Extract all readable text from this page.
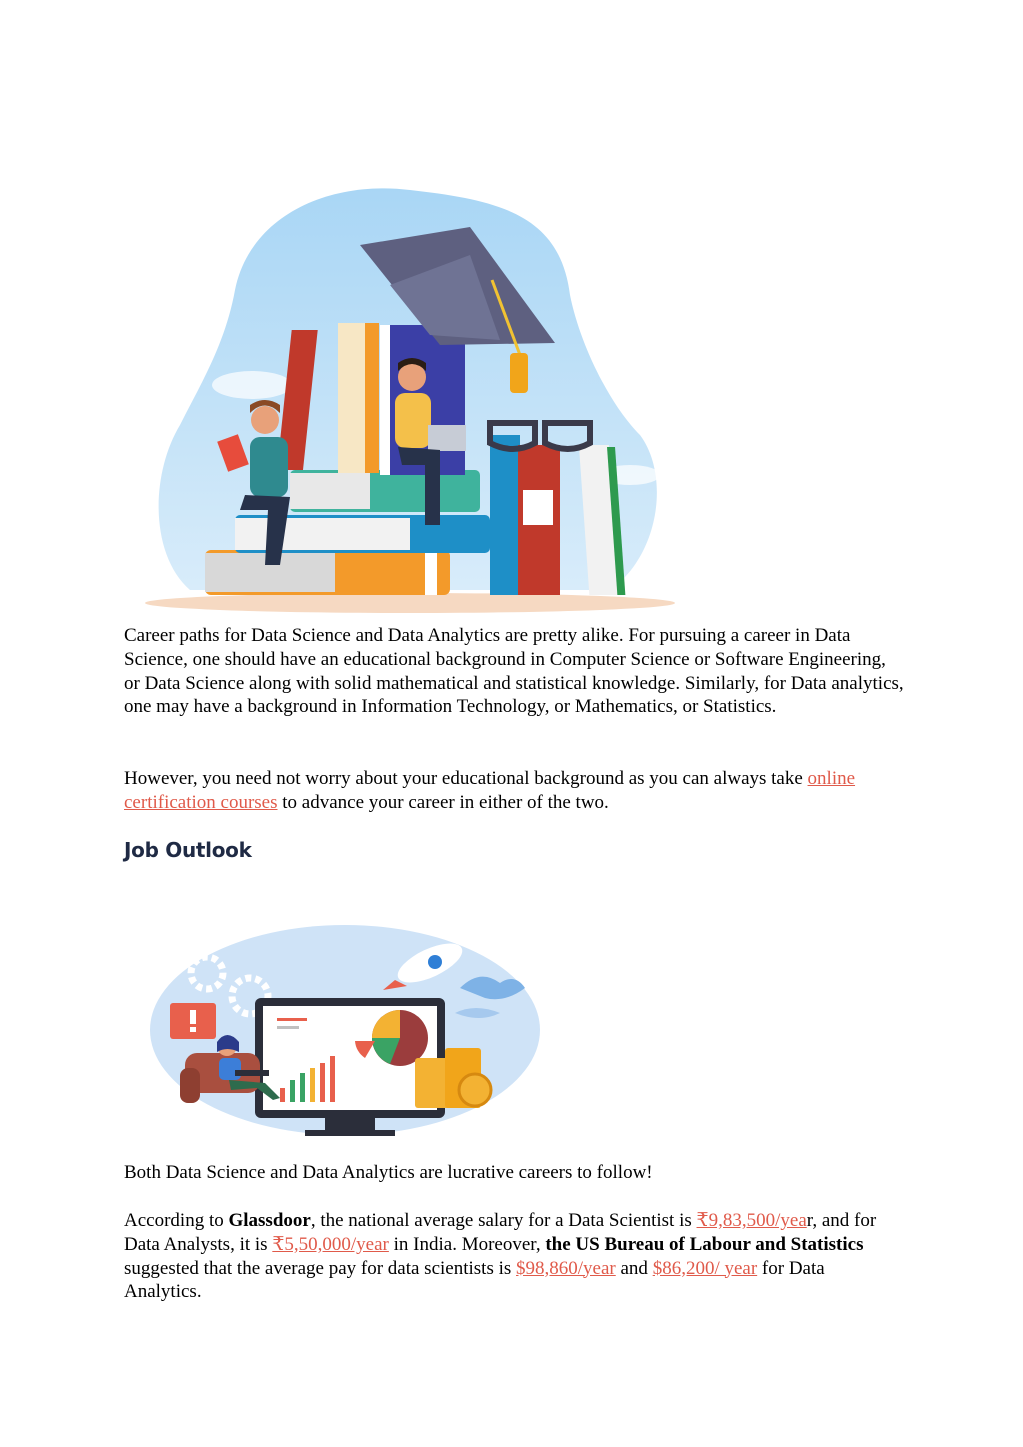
Career paths for Data Science and Data Analytics are pretty alike. For pursuing a career in Data Science, one should have an educational background in Computer Science or Software Engineering, or Data Science along with solid mathematical and statistical knowledge. Similarly, for Data analytics, one may have a background in Information Technology, or Mathematics, or Statistics.

However, you need not worry about your educational background as you can always take online certification courses to advance your career in either of the two.

Job Outlook

Both Data Science and Data Analytics are lucrative careers to follow!

According to Glassdoor, the national average salary for a Data Scientist is ₹9,83,500/year, and for Data Analysts, it is ₹5,50,000/year in India. Moreover, the US Bureau of Labour and Statistics suggested that the average pay for data scientists is $98,860/year and $86,200/ year for Data Analytics.
